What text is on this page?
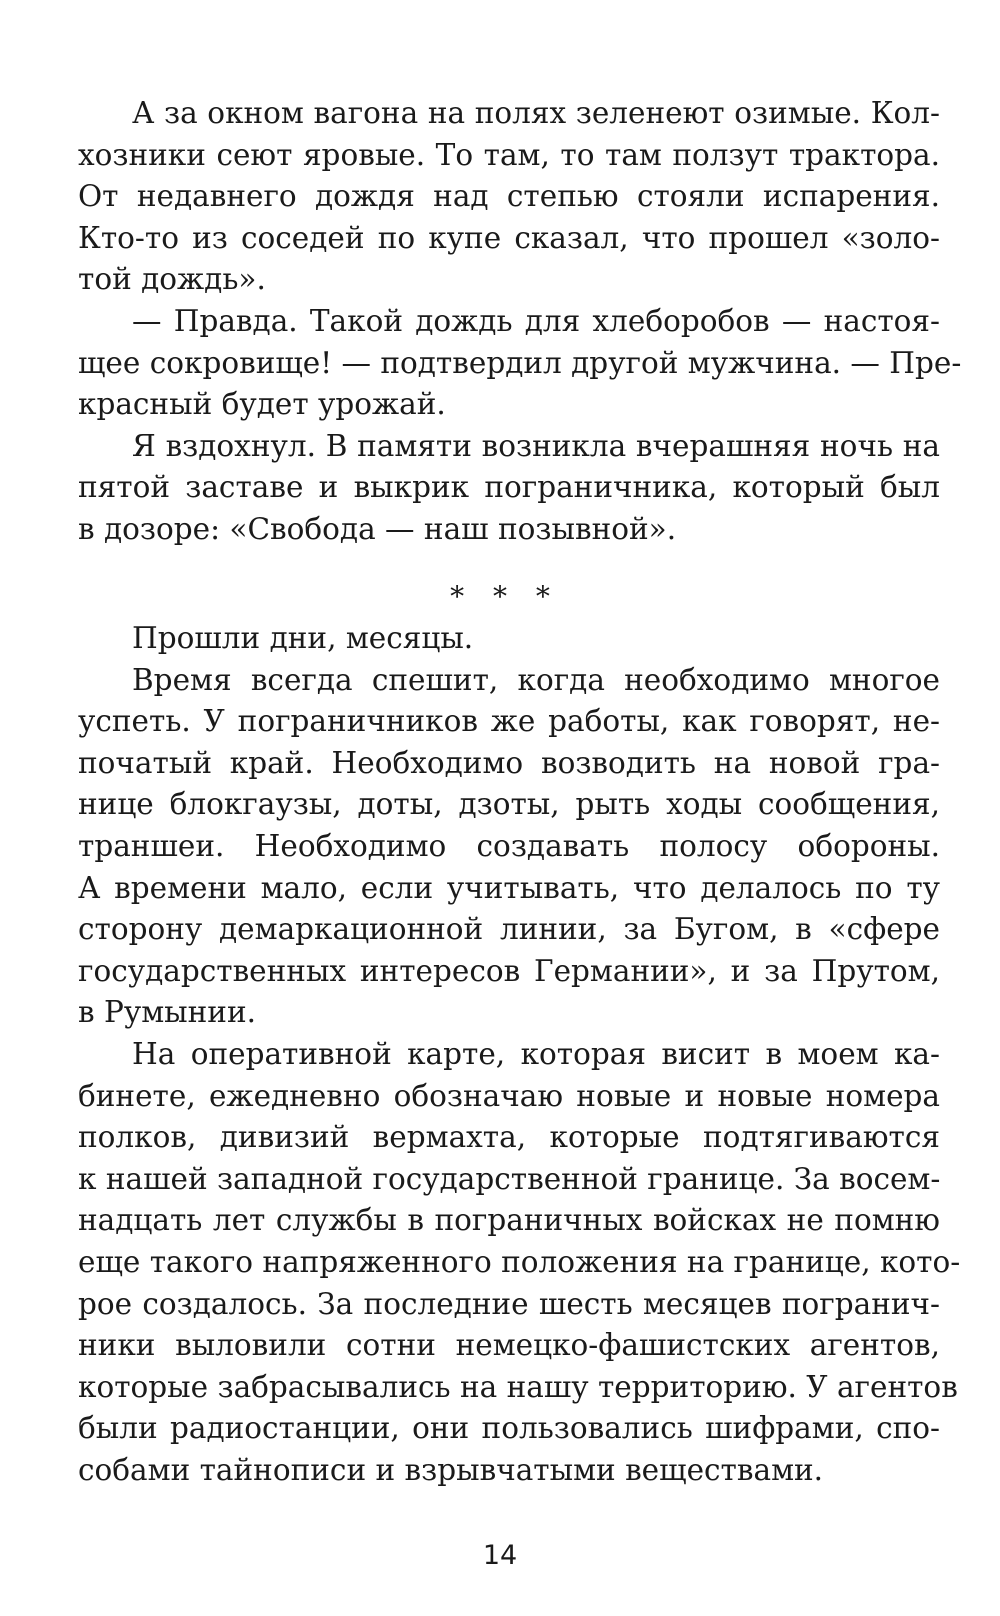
А за окном вагона на полях зеленеют озимые. Кол-
хозники сеют яровые. То там, то там ползут трактора.
От недавнего дождя над степью стояли испарения.
Кто-то из соседей по купе сказал, что прошел «золо-
той дождь».
— Правда. Такой дождь для хлеборобов — настоя-
щее сокровище! — подтвердил другой мужчина. — Пре-
красный будет урожай.
Я вздохнул. В памяти возникла вчерашняя ночь на
пятой заставе и выкрик пограничника, который был
в дозоре: «Свобода — наш позывной».
* * *
Прошли дни, месяцы.
Время всегда спешит, когда необходимо многое
успеть. У пограничников же работы, как говорят, не-
початый край. Необходимо возводить на новой гра-
нице блокгаузы, доты, дзоты, рыть ходы сообщения,
траншеи. Необходимо создавать полосу обороны.
А времени мало, если учитывать, что делалось по ту
сторону демаркационной линии, за Бугом, в «сфере
государственных интересов Германии», и за Прутом,
в Румынии.
На оперативной карте, которая висит в моем ка-
бинете, ежедневно обозначаю новые и новые номера
полков, дивизий вермахта, которые подтягиваются
к нашей западной государственной границе. За восем-
надцать лет службы в пограничных войсках не помню
еще такого напряженного положения на границе, кото-
рое создалось. За последние шесть месяцев погранич-
ники выловили сотни немецко-фашистских агентов,
которые забрасывались на нашу территорию. У агентов
были радиостанции, они пользовались шифрами, спо-
собами тайнописи и взрывчатыми веществами.
14
